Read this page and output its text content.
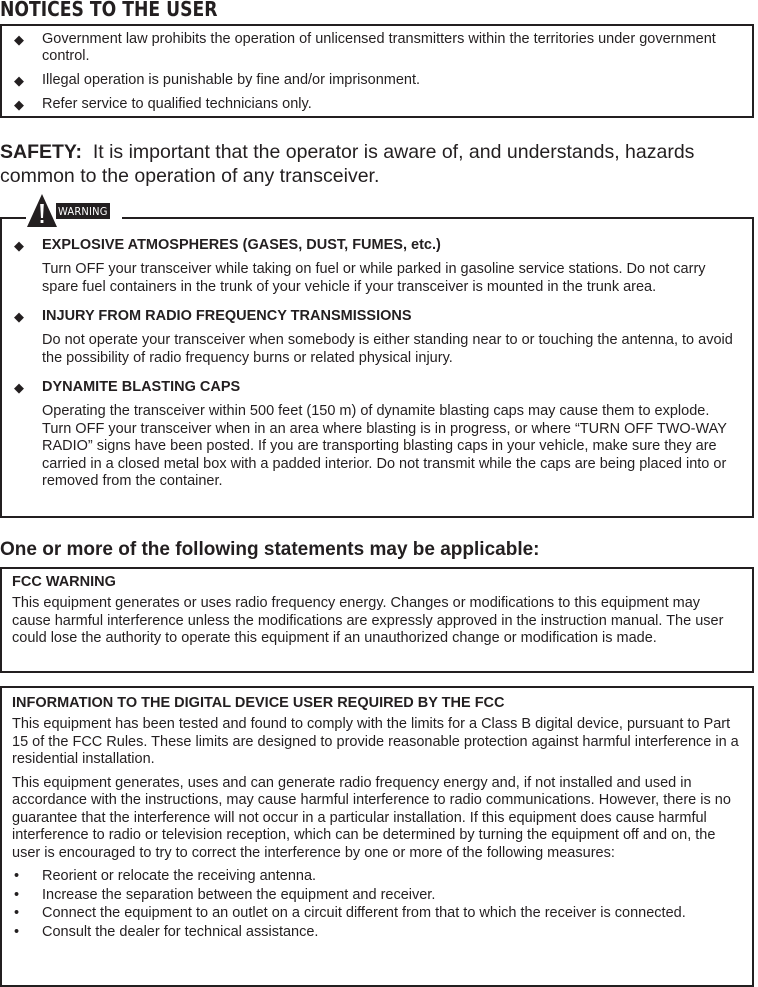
NOTICES TO THE USER
◆ Government law prohibits the operation of unlicensed transmitters within the territories under government control.
◆ Illegal operation is punishable by fine and/or imprisonment.
◆ Refer service to qualified technicians only.
SAFETY: It is important that the operator is aware of, and understands, hazards common to the operation of any transceiver.
◆ EXPLOSIVE ATMOSPHERES (GASES, DUST, FUMES, etc.)
Turn OFF your transceiver while taking on fuel or while parked in gasoline service stations. Do not carry spare fuel containers in the trunk of your vehicle if your transceiver is mounted in the trunk area.
◆ INJURY FROM RADIO FREQUENCY TRANSMISSIONS
Do not operate your transceiver when somebody is either standing near to or touching the antenna, to avoid the possibility of radio frequency burns or related physical injury.
◆ DYNAMITE BLASTING CAPS
Operating the transceiver within 500 feet (150 m) of dynamite blasting caps may cause them to explode. Turn OFF your transceiver when in an area where blasting is in progress, or where “TURN OFF TWO-WAY RADIO” signs have been posted. If you are transporting blasting caps in your vehicle, make sure they are carried in a closed metal box with a padded interior. Do not transmit while the caps are being placed into or removed from the container.
WARNING
One or more of the following statements may be applicable:
FCC WARNING
This equipment generates or uses radio frequency energy. Changes or modifications to this equipment may cause harmful interference unless the modifications are expressly approved in the instruction manual. The user could lose the authority to operate this equipment if an unauthorized change or modification is made.
INFORMATION TO THE DIGITAL DEVICE USER REQUIRED BY THE FCC
This equipment has been tested and found to comply with the limits for a Class B digital device, pursuant to Part 15 of the FCC Rules. These limits are designed to provide reasonable protection against harmful interference in a residential installation.
This equipment generates, uses and can generate radio frequency energy and, if not installed and used in accordance with the instructions, may cause harmful interference to radio communications. However, there is no guarantee that the interference will not occur in a particular installation. If this equipment does cause harmful interference to radio or television reception, which can be determined by turning the equipment off and on, the user is encouraged to try to correct the interference by one or more of the following measures:
• Reorient or relocate the receiving antenna.
• Increase the separation between the equipment and receiver.
• Connect the equipment to an outlet on a circuit different from that to which the receiver is connected.
• Consult the dealer for technical assistance.
